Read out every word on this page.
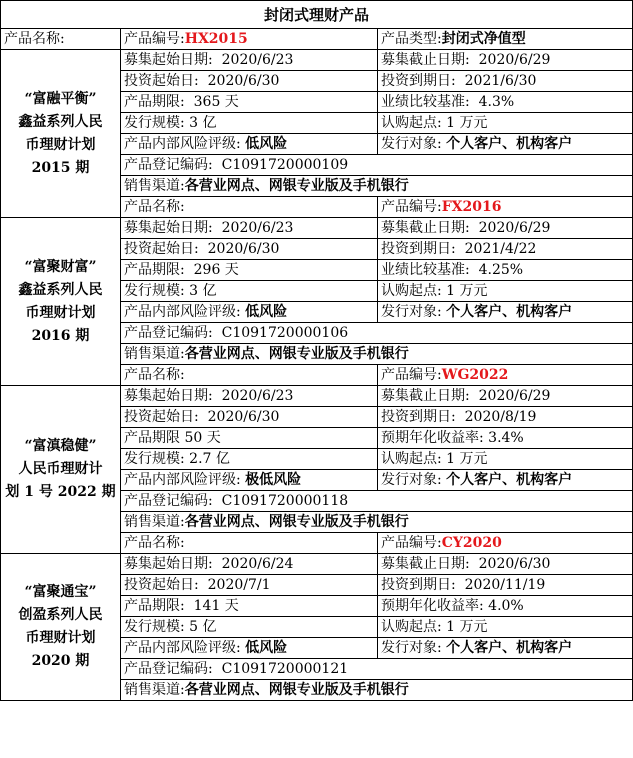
封闭式理财产品			
产品名称:	产品编号:HX2015	产品类型:封闭式净值型	

“富融平衡”
鑫益系列人民
币理财计划
2015 期	募集起始日期: 2020/6/23	募集截止日期: 2020/6/29	
	投资起始日: 2020/6/30	投资到期日: 2021/6/30	
	产品期限: 365 天	业绩比较基准: 4.3%	
	发行规模: 3 亿	认购起点: 1 万元	
	产品内部风险评级: 低风险	发行对象: 个人客户、机构客户	
	产品登记编码: C1091720000109		
	销售渠道:各营业网点、网银专业版及手机银行		
	产品名称:	产品编号:FX2016	

“富聚财富”
鑫益系列人民
币理财计划
2016 期	募集起始日期: 2020/6/23	募集截止日期: 2020/6/29	
	投资起始日: 2020/6/30	投资到期日: 2021/4/22	
	产品期限: 296 天	业绩比较基准: 4.25%	
	发行规模: 3 亿	认购起点: 1 万元	
	产品内部风险评级: 低风险	发行对象: 个人客户、机构客户	
	产品登记编码: C1091720000106		
	销售渠道:各营业网点、网银专业版及手机银行		
	产品名称:	产品编号:WG2022	

“富滇稳健”
人民币理财计
划 1 号 2022 期	募集起始日期: 2020/6/23	募集截止日期: 2020/6/29	
	投资起始日: 2020/6/30	投资到期日: 2020/8/19	
	产品期限 50 天	预期年化收益率: 3.4%	
	发行规模: 2.7 亿	认购起点: 1 万元	
	产品内部风险评级: 极低风险	发行对象: 个人客户、机构客户	
	产品登记编码: C1091720000118		
	销售渠道:各营业网点、网银专业版及手机银行		
	产品名称:	产品编号:CY2020	

“富聚通宝”
创盈系列人民
币理财计划
2020 期	募集起始日期: 2020/6/24	募集截止日期: 2020/6/30	
	投资起始日: 2020/7/1	投资到期日: 2020/11/19	
	产品期限: 141 天	预期年化收益率: 4.0%	
	发行规模: 5 亿	认购起点: 1 万元	
	产品内部风险评级: 低风险	发行对象: 个人客户、机构客户	
	产品登记编码: C1091720000121		
	销售渠道:各营业网点、网银专业版及手机银行		
